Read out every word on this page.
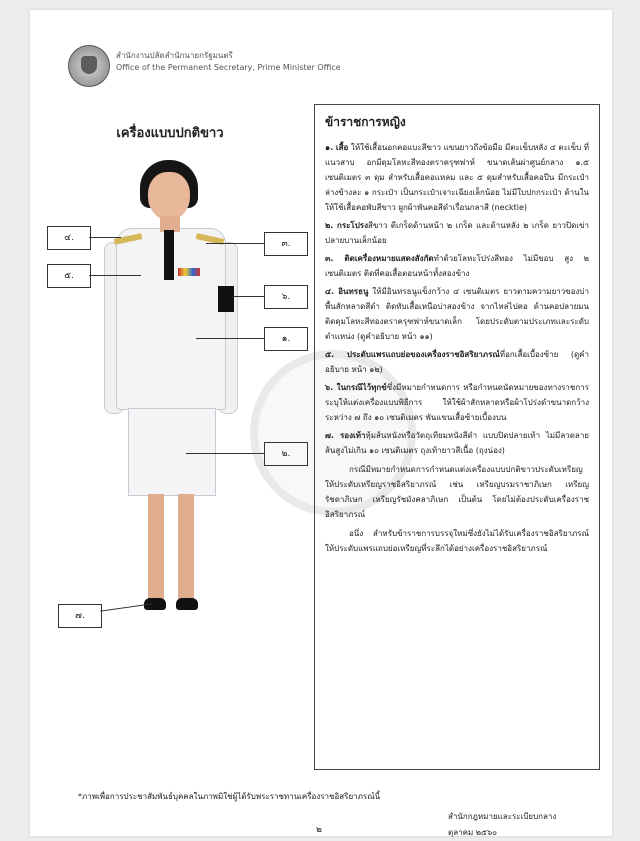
สำนักงานปลัดสำนักนายกรัฐมนตรี
Office of the Permanent Secretary, Prime Minister Office
เครื่องแบบปกติขาว
๔.
๕.
๓.
๖.
๑.
๒.
๗.
ข้าราชการหญิง

๑. เสื้อ ให้ใช้เสื้อนอกคอแบะสีขาว แขนยาวถึงข้อมือ มีตะเข็บหลัง ๔ ตะเข็บ ที่แนวสาบ อกมีดุมโลหะสีทองตราครุฑพ่าห์ ขนาดเส้นผ่าศูนย์กลาง ๑.๕ เซนติเมตร ๓ ดุม สำหรับเสื้อคอแหลม และ ๕ ดุมสำหรับเสื้อคอปีน มีกระเป๋าล่างข้างละ ๑ กระเป๋า เป็นกระเป๋าเจาะเฉียงเล็กน้อย ไม่มีใบปกกระเป๋า ด้านในให้ใช้เสื้อคอพับสีขาว ผูกผ้าพันคอสีดำเรื่อนกลาสี (necktie)

๒. กระโปรงสีขาว ตีเกร็ดด้านหน้า ๒ เกร็ด และด้านหลัง ๒ เกร็ด ยาวปิดเข่า ปลายบานเล็กน้อย

๓. ติดเครื่องหมายแสดงสังกัดทำด้วยโลหะโปร่งสีทอง ไม่มีขอบ สูง ๒ เซนติเมตร ติดที่คอเสื้อตอนหน้าทั้งสองข้าง

๔. อินทรธนู ให้มีอินทรธนูแข็งกว้าง ๔ เซนติเมตร ยาวตามความยาวของบ่า พื้นสักหลาดสีดำ ติดทับเสื้อเหนือบ่าสองข้าง จากไหล่ไปคอ ด้านคอปลายมนติดดุมโลหะสีทองตราครุฑพ่าห์ขนาดเล็ก โดยประดับตามประเภทและระดับตำแหน่ง (ดูคำอธิบาย หน้า ๑๑)

๕. ประดับแพรแถบย่อของเครื่องราชอิสริยาภรณ์ที่อกเสื้อเบื้องซ้าย (ดูคำอธิบาย หน้า ๑๒)

๖. ในกรณีไว้ทุกข์ซึ่งมีหมายกำหนดการ หรือกำหนดนัดหมายของทางราชการระบุให้แต่งเครื่องแบบพิธีการ ให้ใช้ผ้าสักหลาดหรือผ้าโปร่งดำขนาดกว้างระหว่าง ๗ ถึง ๑๐ เซนติเมตร พันแขนเสื้อซ้ายเบื้องบน

๗. รองเท้าหุ้มส้นหนังหรือวัตถุเทียมหนังสีดำ แบบปิดปลายเท้า ไม่มีลวดลาย ส้นสูงไม่เกิน ๑๐ เซนติเมตร ถุงเท้ายาวสีเนื้อ (ถุงน่อง)

กรณีมีหมายกำหนดการกำหนดแต่งเครื่องแบบปกติขาวประดับเหรียญ ให้ประดับเหรียญราชอิสริยาภรณ์ เช่น เหรียญบรมราชาภิเษก เหรียญรัชดาภิเษก เหรียญรัชมังคลาภิเษก เป็นต้น โดยไม่ต้องประดับเครื่องราชอิสริยาภรณ์

อนึ่ง สำหรับข้าราชการบรรจุใหม่ซึ่งยังไม่ได้รับเครื่องราชอิสริยาภรณ์ให้ประดับแพรแถบย่อเหรียญที่ระลึกได้อย่างเครื่องราชอิสริยาภรณ์

*ภาพเพื่อการประชาสัมพันธ์บุคคลในภาพมิใช่ผู้ได้รับพระราชทานเครื่องราชอิสริยาภรณ์นี้
สำนักกฎหมายและระเบียบกลาง
ตุลาคม ๒๕๖๐
๒
